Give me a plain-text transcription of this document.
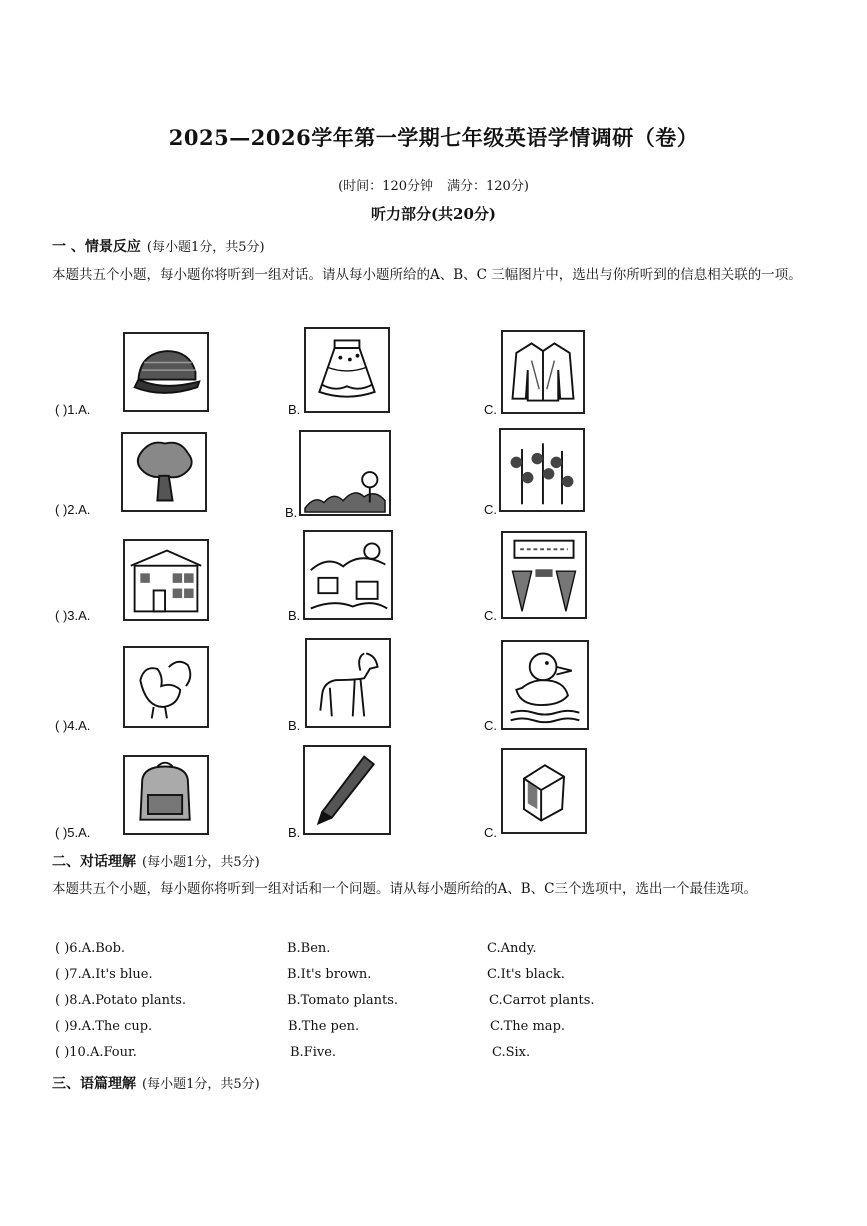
2025—2026学年第一学期七年级英语学情调研（卷）
(时间：120分钟 满分：120分)
听力部分(共20分)
一 、情景反应 (每小题1分，共5分)
本题共五个小题，每小题你将听到一组对话。请从每小题所给的A、B、C 三幅图片中，选出与你所听到的信息相关联的一项。
( )1.A.	B.	C.
( )2.A.	B.	C.
( )3.A.	B.	C.
( )4.A.	B.	C.
( )5.A.	B.	C.
二、对话理解 (每小题1分，共5分)
本题共五个小题，每小题你将听到一组对话和一个问题。请从每小题所给的A、B、C三个选项中，选出一个最佳选项。
( )6.A.Bob.	B.Ben.	C.Andy.
( )7.A.It's blue.	B.It's brown.	C.It's black.
( )8.A.Potato plants.	B.Tomato plants.	C.Carrot plants.
( )9.A.The cup.	B.The pen.	C.The map.
( )10.A.Four.	B.Five.	C.Six.
三、语篇理解 (每小题1分，共5分)
